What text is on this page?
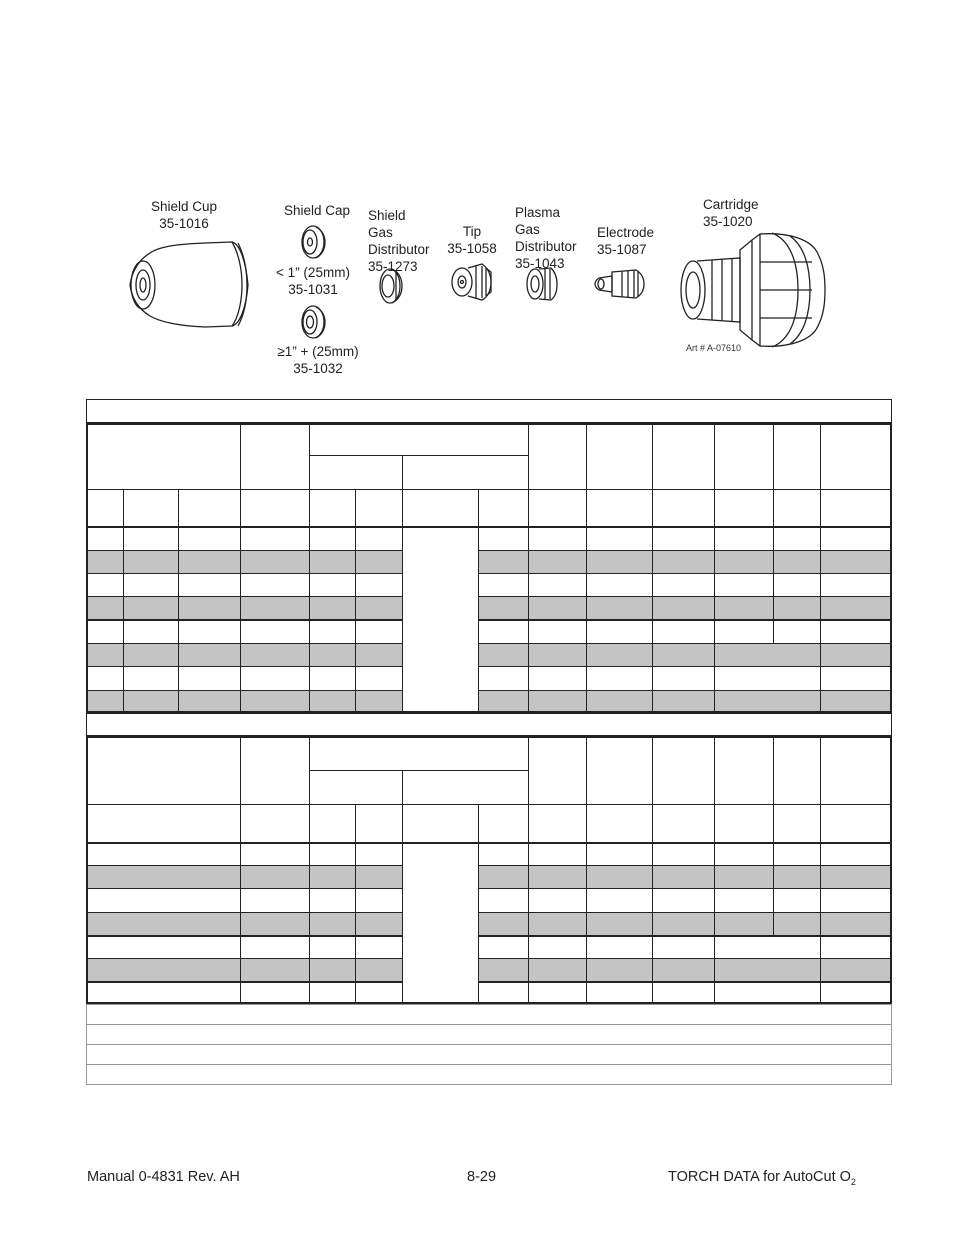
Shield Cup
35-1016
Shield Cap
< 1” (25mm)
35-1031
≥1” + (25mm)
35-1032
Shield Gas Distributor
35-1273
Tip
35-1058
Plasma Gas Distributor
35-1043
Electrode
35-1087
Cartridge
35-1020
Art # A-07610
Manual 0-4831 Rev. AH	8-29	TORCH DATA for AutoCut $O_2$
